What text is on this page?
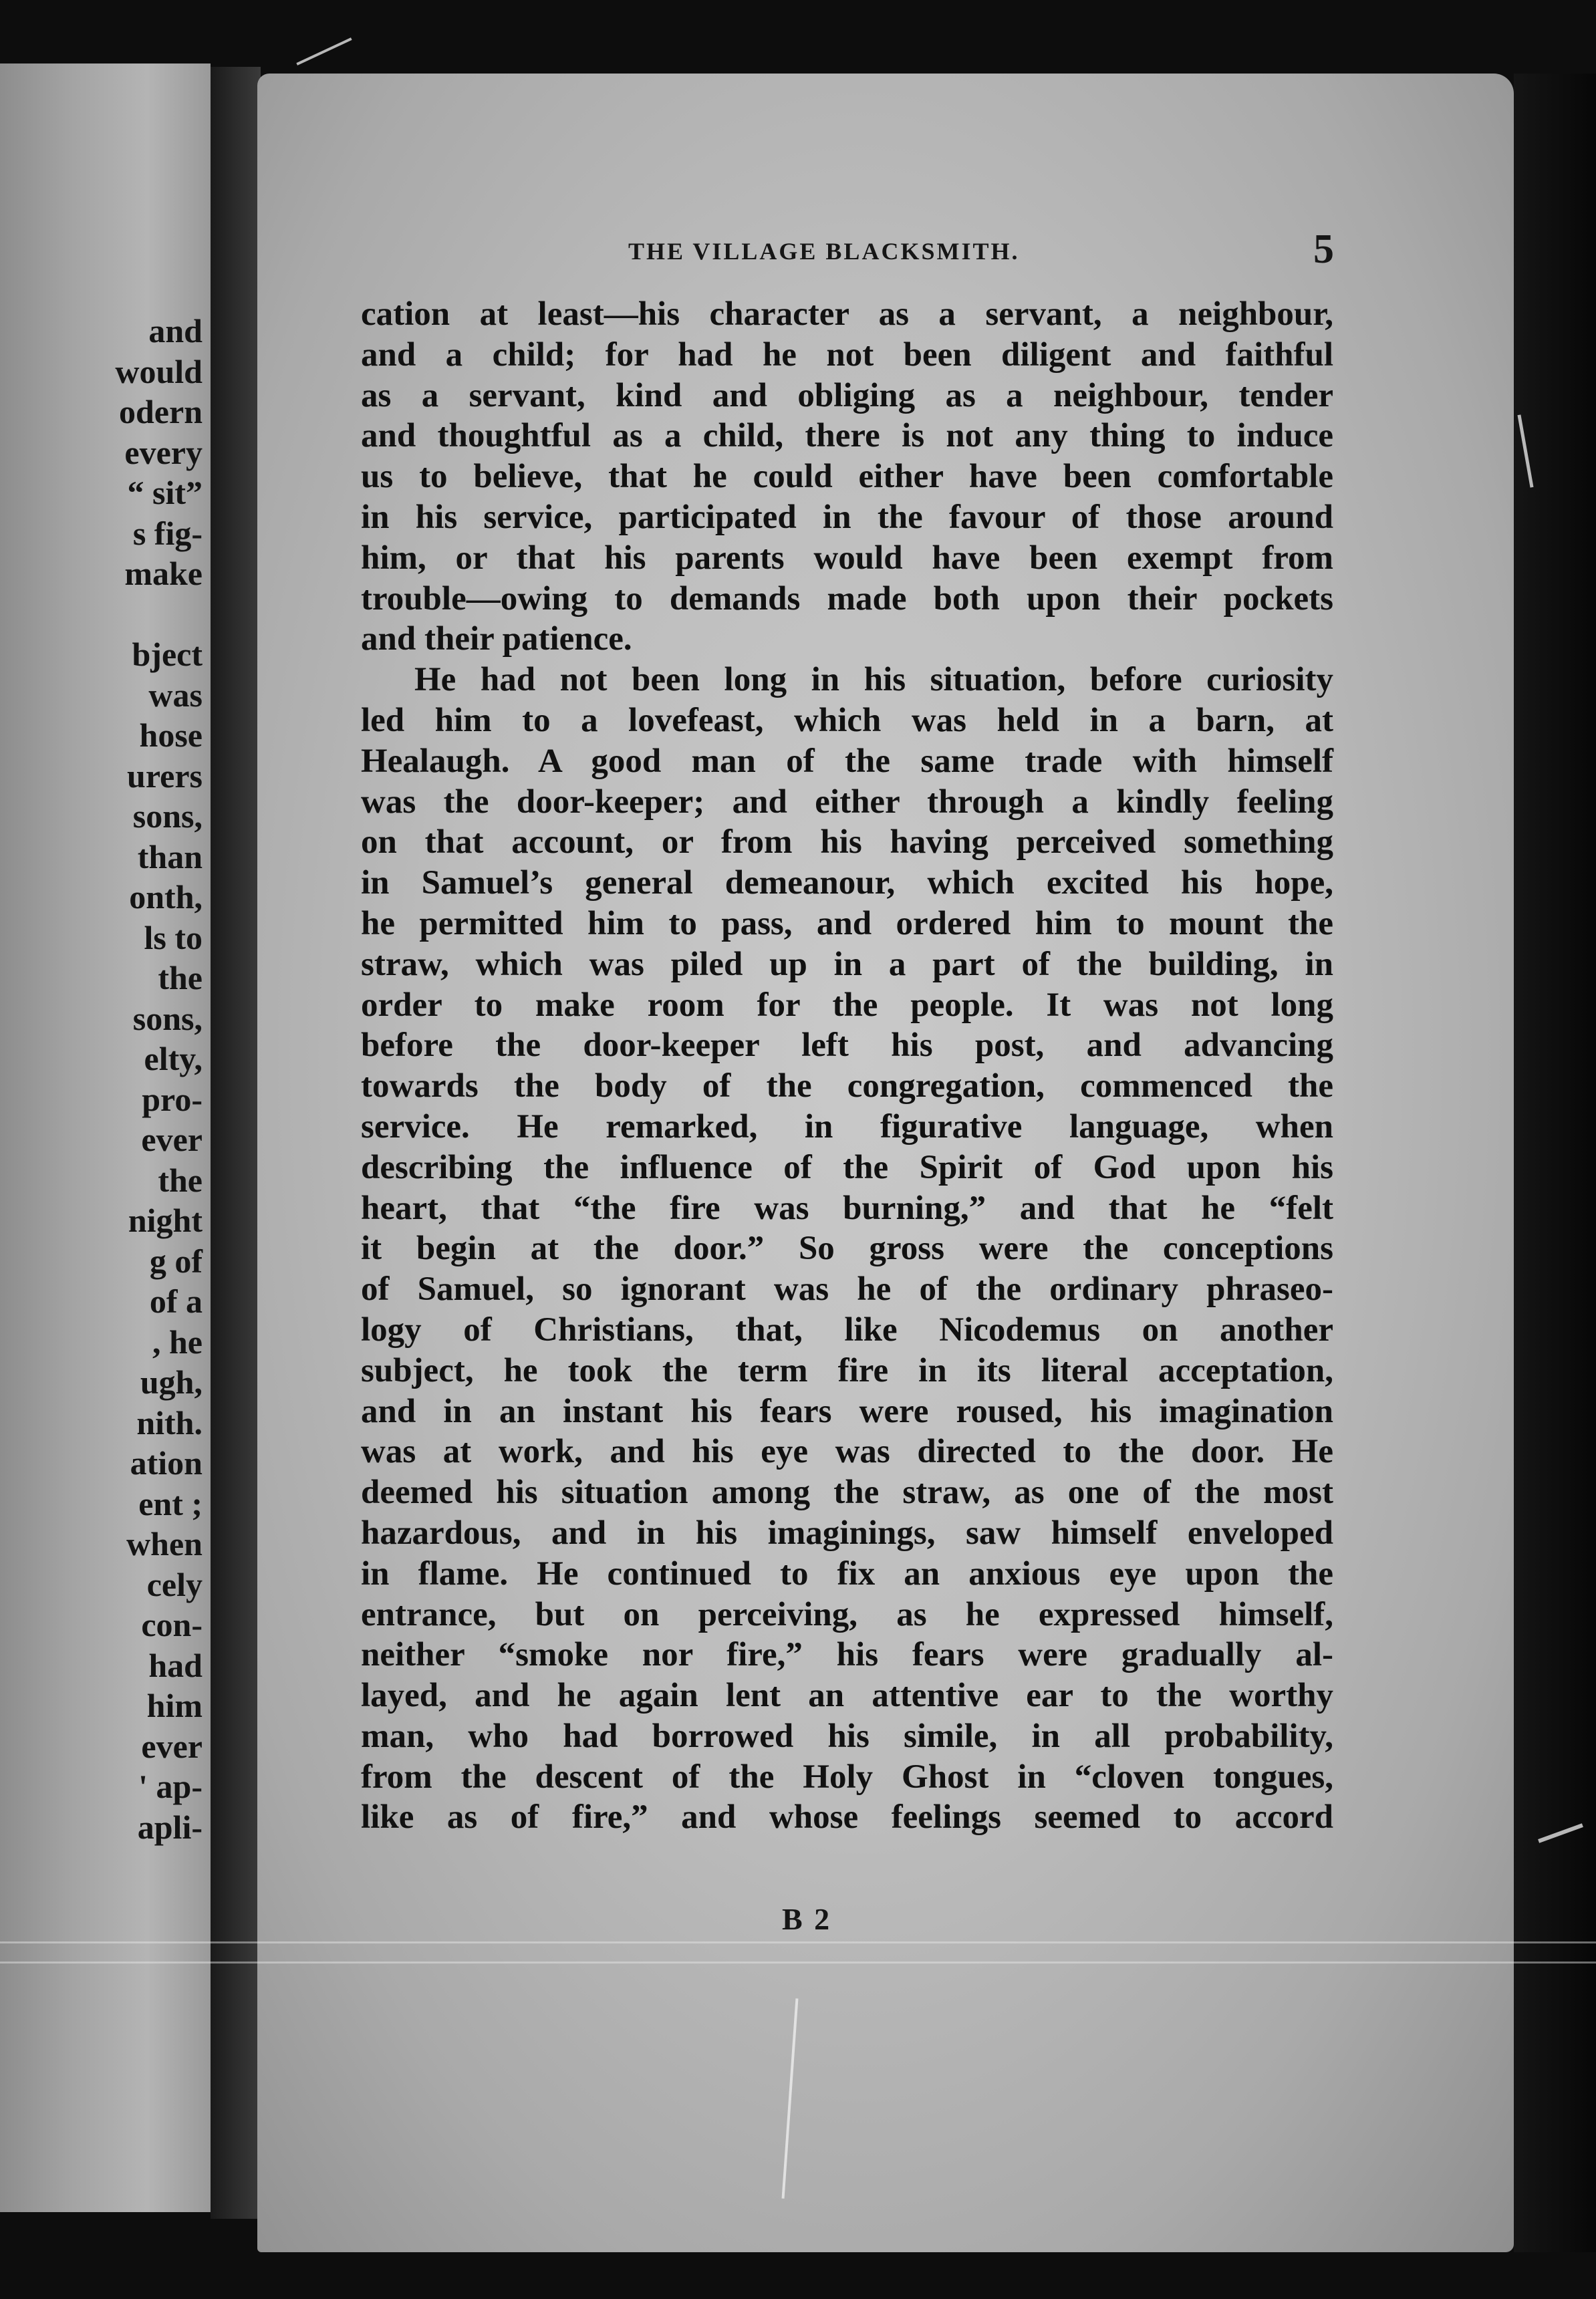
and
would
odern
every
“ sit”
s fig-
make
bject
was
hose
urers
sons,
than
onth,
ls to
the
sons,
elty,
pro-
ever
the
night
g of
of a
, he
ugh,
nith.
ation
ent ;
when
cely
con-
had
him
ever
' ap-
apli-
THE VILLAGE BLACKSMITH.	5
cation at least—his character as a servant, a neighbour,
and a child; for had he not been diligent and faithful
as a servant, kind and obliging as a neighbour, tender
and thoughtful as a child, there is not any thing to induce
us to believe, that he could either have been comfortable
in his service, participated in the favour of those around
him, or that his parents would have been exempt from
trouble—owing to demands made both upon their pockets
and their patience.
He had not been long in his situation, before curiosity
led him to a lovefeast, which was held in a barn, at
Healaugh. A good man of the same trade with himself
was the door-keeper; and either through a kindly feeling
on that account, or from his having perceived something
in Samuel’s general demeanour, which excited his hope,
he permitted him to pass, and ordered him to mount the
straw, which was piled up in a part of the building, in
order to make room for the people. It was not long
before the door-keeper left his post, and advancing
towards the body of the congregation, commenced the
service. He remarked, in figurative language, when
describing the influence of the Spirit of God upon his
heart, that “the fire was burning,” and that he “felt
it begin at the door.” So gross were the conceptions
of Samuel, so ignorant was he of the ordinary phraseo-
logy of Christians, that, like Nicodemus on another
subject, he took the term fire in its literal acceptation,
and in an instant his fears were roused, his imagination
was at work, and his eye was directed to the door. He
deemed his situation among the straw, as one of the most
hazardous, and in his imaginings, saw himself enveloped
in flame. He continued to fix an anxious eye upon the
entrance, but on perceiving, as he expressed himself,
neither “smoke nor fire,” his fears were gradually al-
layed, and he again lent an attentive ear to the worthy
man, who had borrowed his simile, in all probability,
from the descent of the Holy Ghost in “cloven tongues,
like as of fire,” and whose feelings seemed to accord
B 2
